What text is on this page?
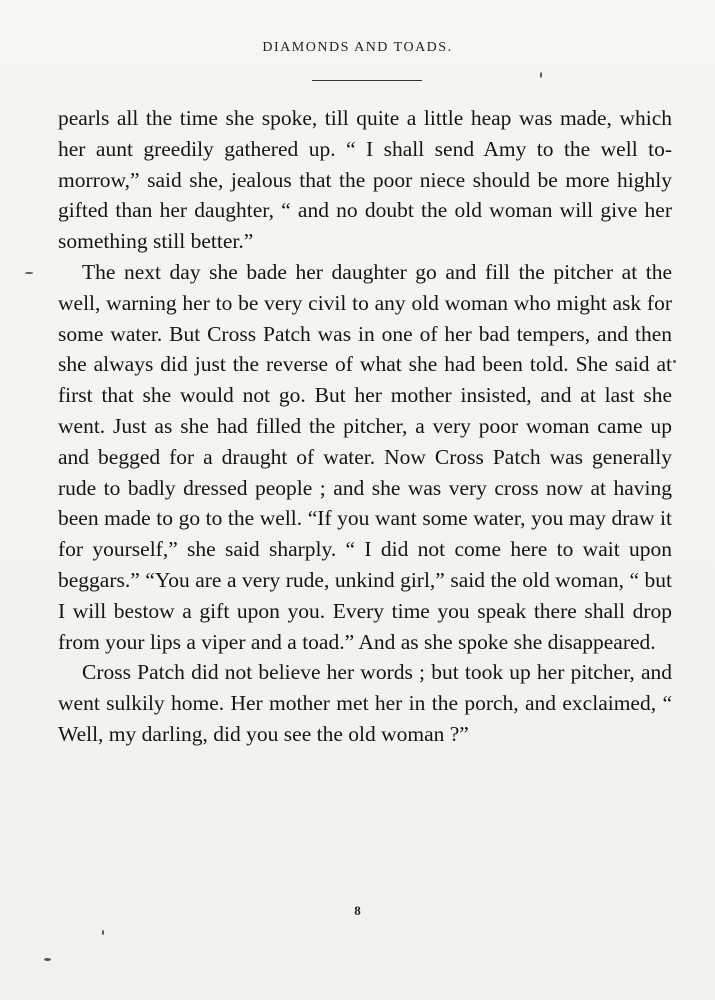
DIAMONDS AND TOADS.

pearls all the time she spoke, till quite a little heap was made, which her aunt greedily gathered up. “ I shall send Amy to the well to-morrow,” said she, jealous that the poor niece should be more highly gifted than her daughter, “ and no doubt the old woman will give her something still better.”

The next day she bade her daughter go and fill the pitcher at the well, warning her to be very civil to any old woman who might ask for some water. But Cross Patch was in one of her bad tempers, and then she always did just the reverse of what she had been told. She said at first that she would not go. But her mother insisted, and at last she went. Just as she had filled the pitcher, a very poor woman came up and begged for a draught of water. Now Cross Patch was generally rude to badly dressed people ; and she was very cross now at having been made to go to the well. “If you want some water, you may draw it for yourself,” she said sharply. “ I did not come here to wait upon beggars.” “You are a very rude, unkind girl,” said the old woman, “ but I will bestow a gift upon you. Every time you speak there shall drop from your lips a viper and a toad.” And as she spoke she disappeared.

Cross Patch did not believe her words ; but took up her pitcher, and went sulkily home. Her mother met her in the porch, and exclaimed, “ Well, my darling, did you see the old woman ?”

8
